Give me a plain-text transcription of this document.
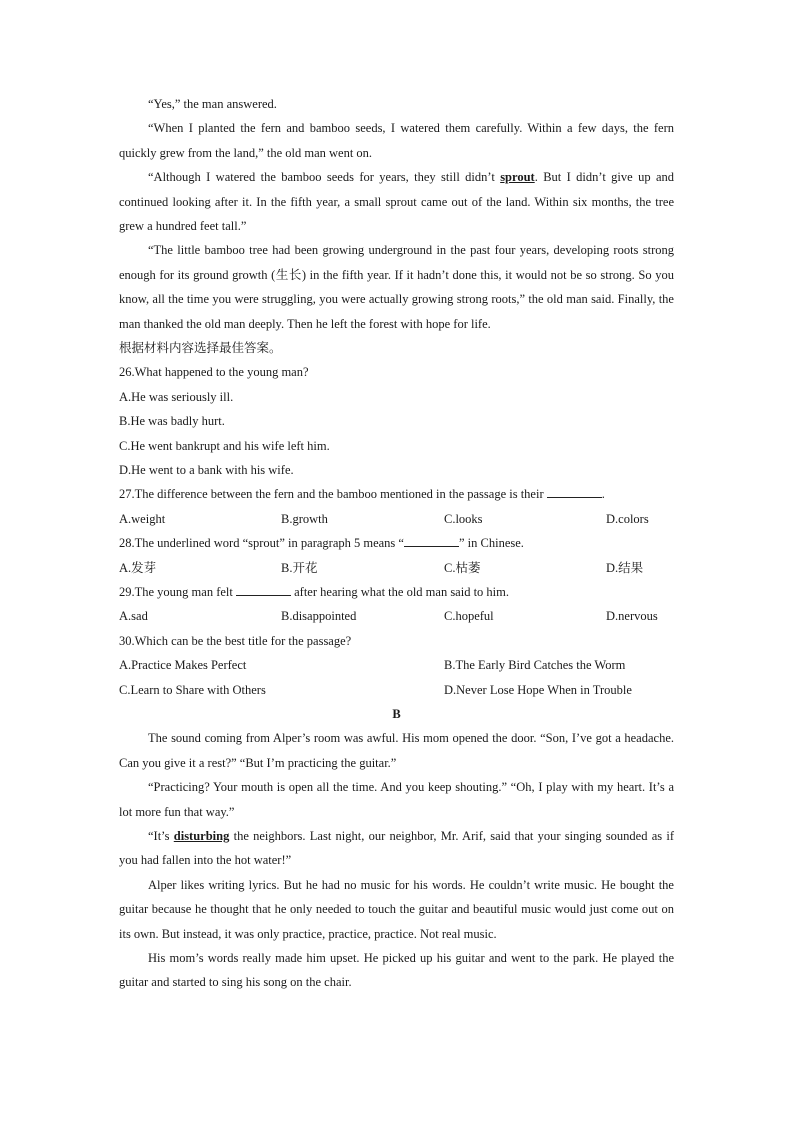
“Yes,” the man answered.

“When I planted the fern and bamboo seeds, I watered them carefully. Within a few days, the fern quickly grew from the land,” the old man went on.

“Although I watered the bamboo seeds for years, they still didn’t sprout. But I didn’t give up and continued looking after it. In the fifth year, a small sprout came out of the land. Within six months, the tree grew a hundred feet tall.”

“The little bamboo tree had been growing underground in the past four years, developing roots strong enough for its ground growth (生长) in the fifth year. If it hadn’t done this, it would not be so strong. So you know, all the time you were struggling, you were actually growing strong roots,” the old man said. Finally, the man thanked the old man deeply. Then he left the forest with hope for life.

根据材料内容选择最佳答案。
26.What happened to the young man?
A.He was seriously ill.
B.He was badly hurt.
C.He went bankrupt and his wife left him.
D.He went to a bank with his wife.
27.The difference between the fern and the bamboo mentioned in the passage is their	.
A.weight	B.growth	C.looks	D.colors
28.The underlined word “sprout” in paragraph 5 means “	” in Chinese.
A.发芽	B.开花	C.枯萎	D.结果
29.The young man felt	after hearing what the old man said to him.
A.sad	B.disappointed	C.hopeful	D.nervous
30.Which can be the best title for the passage?
A.Practice Makes Perfect	B.The Early Bird Catches the Worm
C.Learn to Share with Others	D.Never Lose Hope When in Trouble
B

The sound coming from Alper’s room was awful. His mom opened the door. “Son, I’ve got a headache. Can you give it a rest?” “But I’m practicing the guitar.”

“Practicing? Your mouth is open all the time. And you keep shouting.” “Oh, I play with my heart. It’s a lot more fun that way.”

“It’s disturbing the neighbors. Last night, our neighbor, Mr. Arif, said that your singing sounded as if you had fallen into the hot water!”

Alper likes writing lyrics. But he had no music for his words. He couldn’t write music. He bought the guitar because he thought that he only needed to touch the guitar and beautiful music would just come out on its own. But instead, it was only practice, practice, practice. Not real music.

His mom’s words really made him upset. He picked up his guitar and went to the park. He played the guitar and started to sing his song on the chair.
